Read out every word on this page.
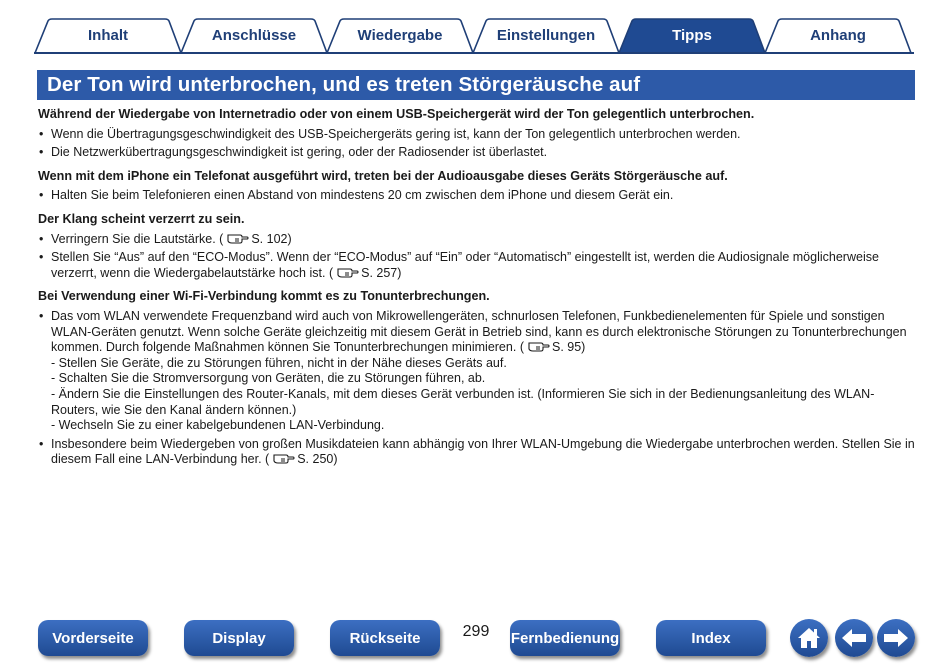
Inhalt	Anschlüsse	Wiedergabe	Einstellungen	Tipps	Anhang
Der Ton wird unterbrochen, und es treten Störgeräusche auf
Während der Wiedergabe von Internetradio oder von einem USB-Speichergerät wird der Ton gelegentlich unterbrochen.
• Wenn die Übertragungsgeschwindigkeit des USB-Speichergeräts gering ist, kann der Ton gelegentlich unterbrochen werden.
• Die Netzwerkübertragungsgeschwindigkeit ist gering, oder der Radiosender ist überlastet.
Wenn mit dem iPhone ein Telefonat ausgeführt wird, treten bei der Audioausgabe dieses Geräts Störgeräusche auf.
• Halten Sie beim Telefonieren einen Abstand von mindestens 20 cm zwischen dem iPhone und diesem Gerät ein.
Der Klang scheint verzerrt zu sein.
• Verringern Sie die Lautstärke. ( S. 102)
• Stellen Sie “Aus” auf den “ECO-Modus”. Wenn der “ECO-Modus” auf “Ein” oder “Automatisch” eingestellt ist, werden die Audiosignale möglicherweise verzerrt, wenn die Wiedergabelautstärke hoch ist. ( S. 257)
Bei Verwendung einer Wi-Fi-Verbindung kommt es zu Tonunterbrechungen.
• Das vom WLAN verwendete Frequenzband wird auch von Mikrowellengeräten, schnurlosen Telefonen, Funkbedienelementen für Spiele und sonstigen WLAN-Geräten genutzt. Wenn solche Geräte gleichzeitig mit diesem Gerät in Betrieb sind, kann es durch elektronische Störungen zu Tonunterbrechungen kommen. Durch folgende Maßnahmen können Sie Tonunterbrechungen minimieren. ( S. 95)
- Stellen Sie Geräte, die zu Störungen führen, nicht in der Nähe dieses Geräts auf.
- Schalten Sie die Stromversorgung von Geräten, die zu Störungen führen, ab.
- Ändern Sie die Einstellungen des Router-Kanals, mit dem dieses Gerät verbunden ist. (Informieren Sie sich in der Bedienungsanleitung des WLAN-Routers, wie Sie den Kanal ändern können.)
- Wechseln Sie zu einer kabelgebundenen LAN-Verbindung.
• Insbesondere beim Wiedergeben von großen Musikdateien kann abhängig von Ihrer WLAN-Umgebung die Wiedergabe unterbrochen werden. Stellen Sie in diesem Fall eine LAN-Verbindung her. ( S. 250)
Vorderseite	Display	Rückseite	299	Fernbedienung	Index
